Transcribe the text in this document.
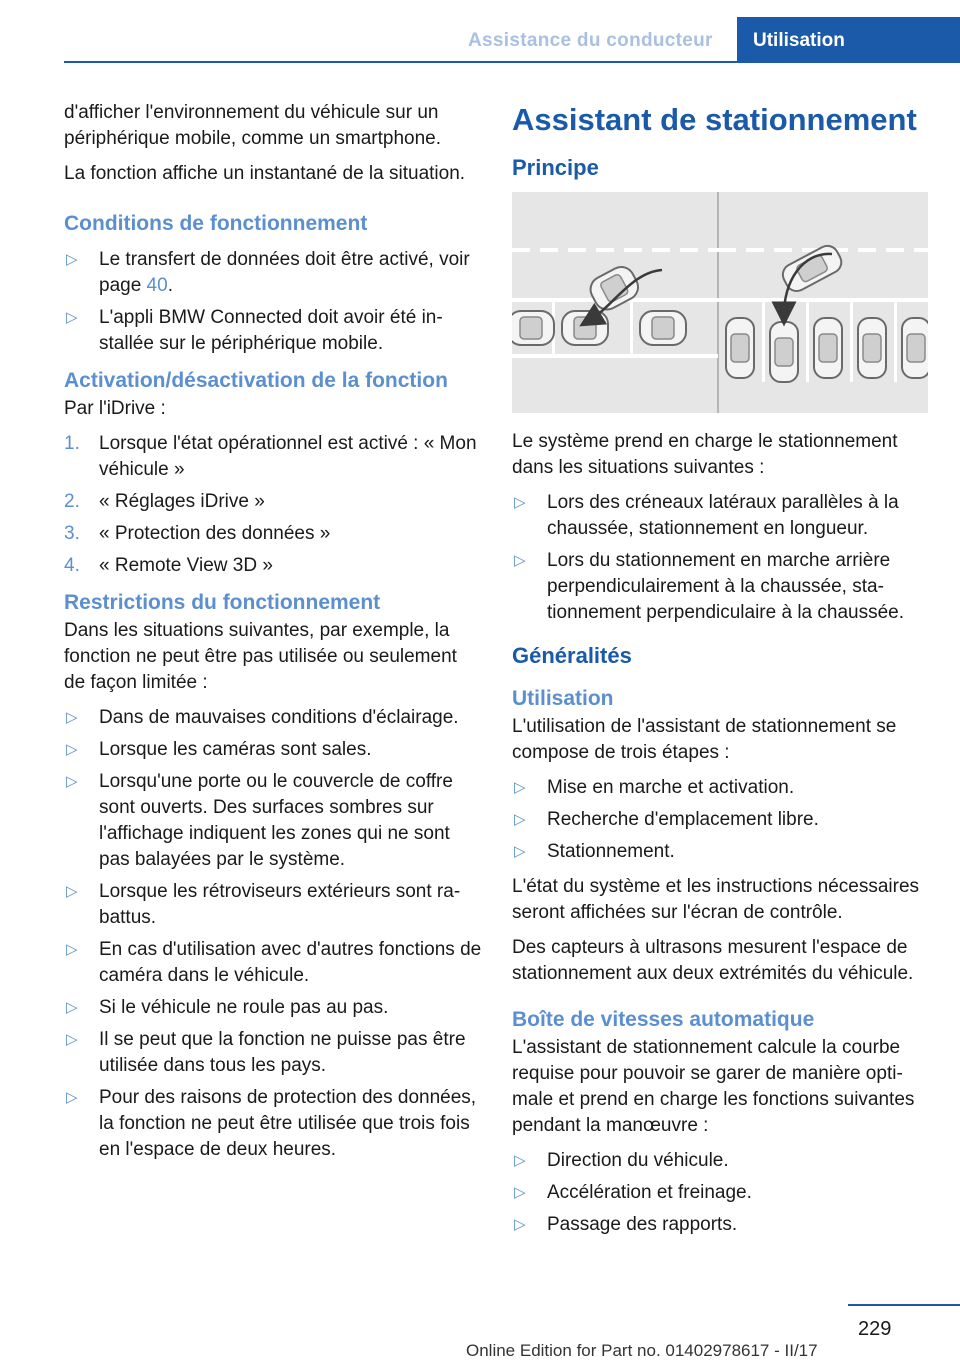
Assistance du conducteur	Utilisation

d'afficher l'environnement du véhicule sur un périphérique mobile, comme un smartphone.

La fonction affiche un instantané de la situation.

Conditions de fonctionnement
▷ Le transfert de données doit être activé, voir page 40.
▷ L'appli BMW Connected doit avoir été installée sur le périphérique mobile.
Activation/désactivation de la fonction

Par l'iDrive :

1. Lorsque l'état opérationnel est activé : « Mon véhicule »
2. « Réglages iDrive »
3. « Protection des données »
4. « Remote View 3D »
Restrictions du fonctionnement

Dans les situations suivantes, par exemple, la fonction ne peut être pas utilisée ou seulement de façon limitée :

▷ Dans de mauvaises conditions d'éclairage.
▷ Lorsque les caméras sont sales.
▷ Lorsqu'une porte ou le couvercle de coffre sont ouverts. Des surfaces sombres sur l'affichage indiquent les zones qui ne sont pas balayées par le système.
▷ Lorsque les rétroviseurs extérieurs sont rabattus.
▷ En cas d'utilisation avec d'autres fonctions de caméra dans le véhicule.
▷ Si le véhicule ne roule pas au pas.
▷ Il se peut que la fonction ne puisse pas être utilisée dans tous les pays.
▷ Pour des raisons de protection des données, la fonction ne peut être utilisée que trois fois en l'espace de deux heures.
Assistant de stationnement
Principe

Le système prend en charge le stationnement dans les situations suivantes :

▷ Lors des créneaux latéraux parallèles à la chaussée, stationnement en longueur.
▷ Lors du stationnement en marche arrière perpendiculairement à la chaussée, stationnement perpendiculaire à la chaussée.
Généralités
Utilisation

L'utilisation de l'assistant de stationnement se compose de trois étapes :

▷ Mise en marche et activation.
▷ Recherche d'emplacement libre.
▷ Stationnement.

L'état du système et les instructions nécessaires seront affichées sur l'écran de contrôle.

Des capteurs à ultrasons mesurent l'espace de stationnement aux deux extrémités du véhicule.

Boîte de vitesses automatique

L'assistant de stationnement calcule la courbe requise pour pouvoir se garer de manière optimale et prend en charge les fonctions suivantes pendant la manœuvre :

▷ Direction du véhicule.
▷ Accélération et freinage.
▷ Passage des rapports.
229
Online Edition for Part no. 01402978617 - II/17
